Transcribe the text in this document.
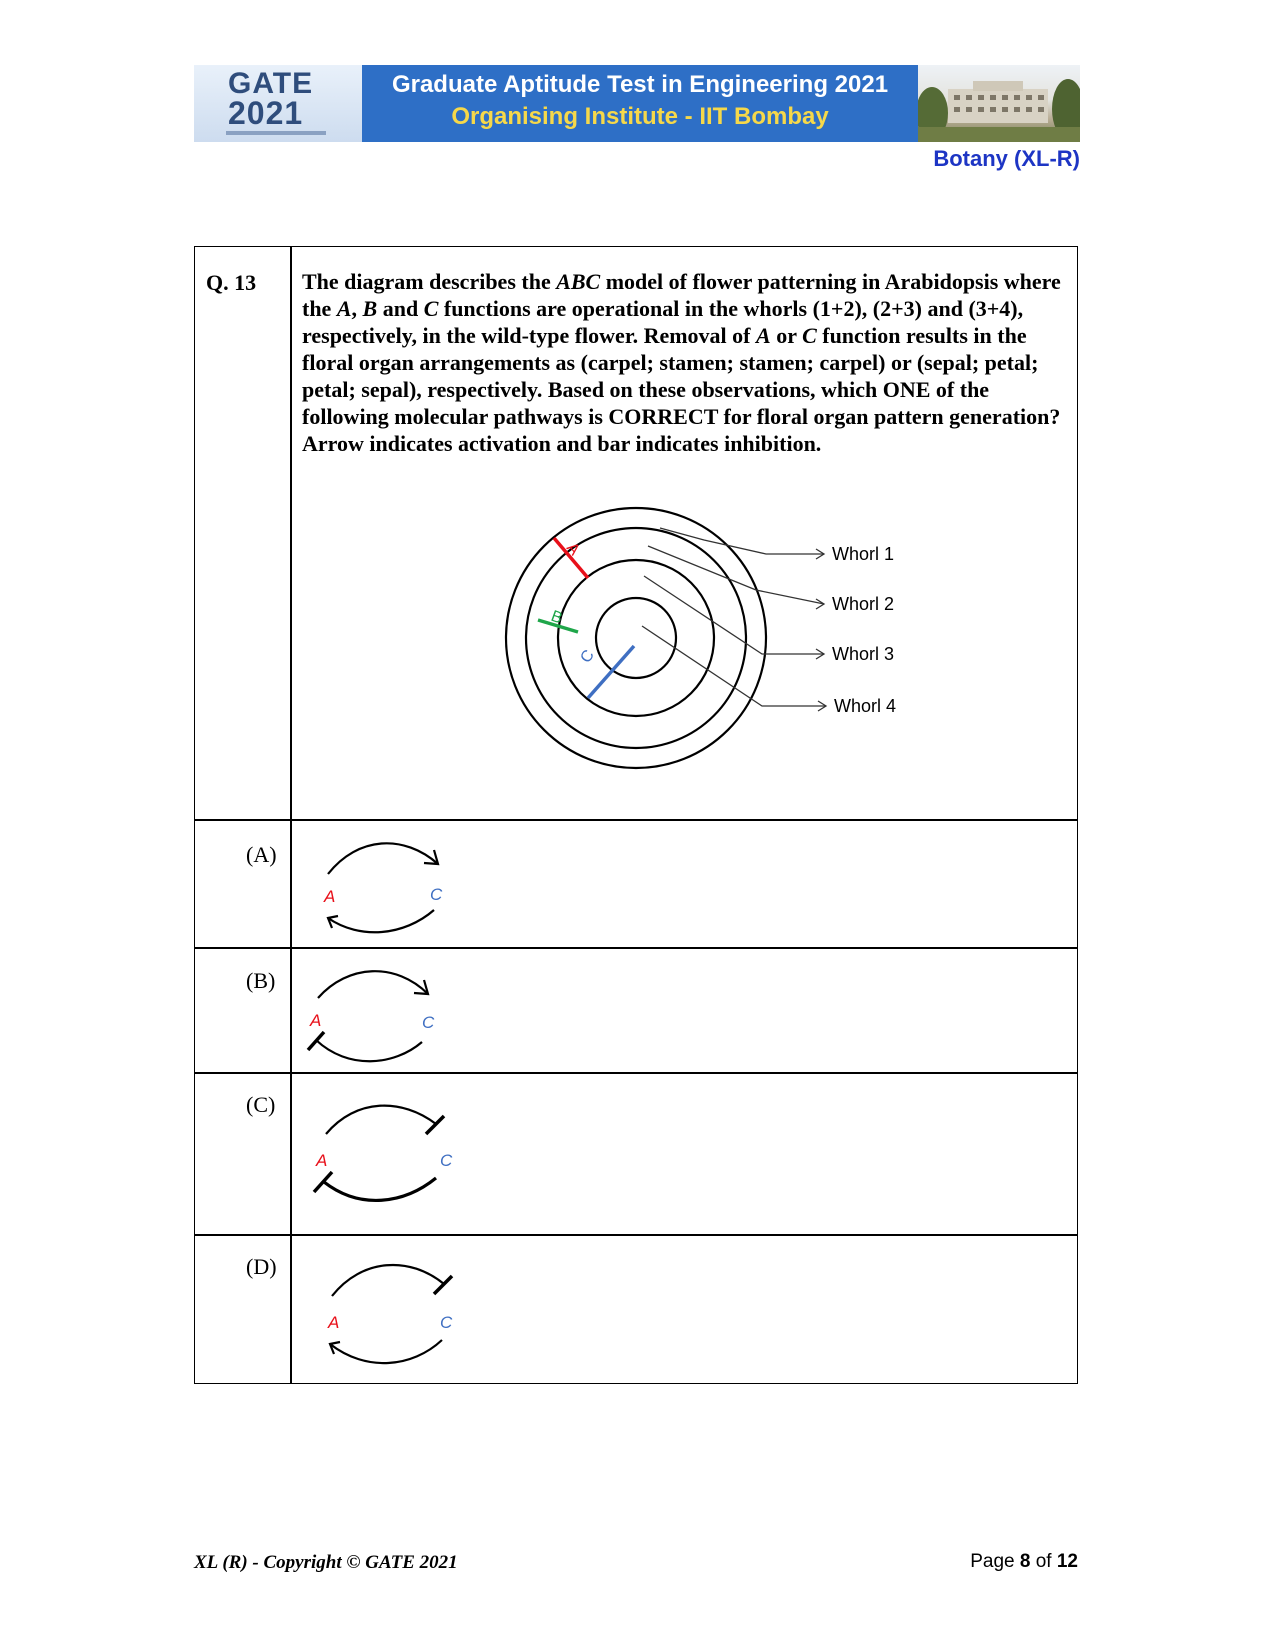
GATE
2021
Graduate Aptitude Test in Engineering 2021
Organising Institute - IIT Bombay
Botany (XL-R)
Q. 13 The diagram describes the ABC model of flower patterning in Arabidopsis where the A, B and C functions are operational in the whorls (1+2), (2+3) and (3+4), respectively, in the wild-type flower. Removal of A or C function results in the floral organ arrangements as (carpel; stamen; stamen; carpel) or (sepal; petal; petal; sepal), respectively. Based on these observations, which ONE of the following molecular pathways is CORRECT for floral organ pattern generation? Arrow indicates activation and bar indicates inhibition.

A
B
C
Whorl 1
Whorl 2
Whorl 3
Whorl 4
(A)
A	C
(B)
A	C
(C)
A	C
(D)
A	C
XL (R) - Copyright © GATE 2021	Page 8 of 12
